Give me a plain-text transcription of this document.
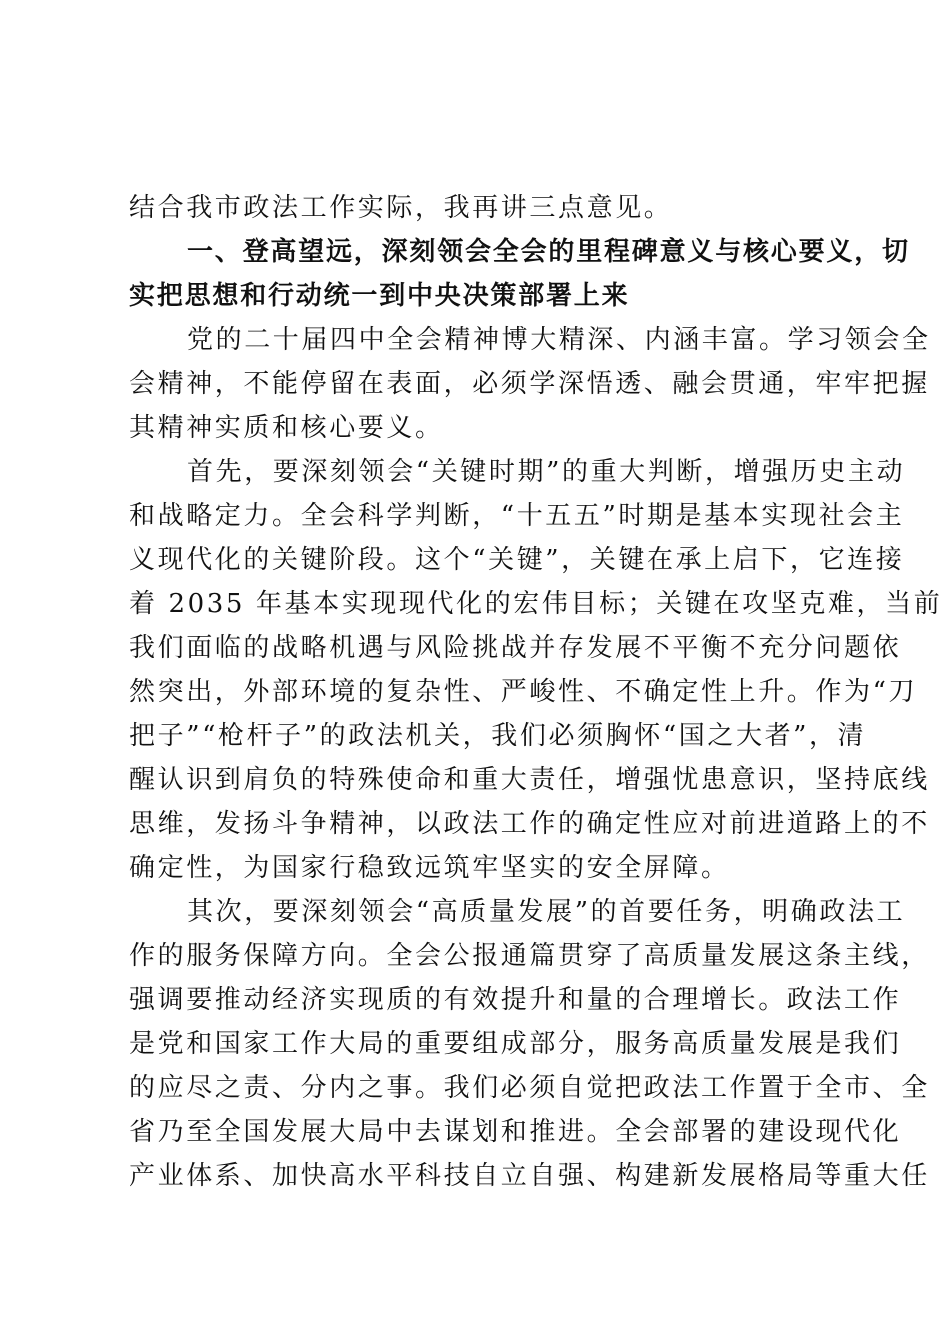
结合我市政法工作实际，我再讲三点意见。
一、登高望远，深刻领会全会的里程碑意义与核心要义，切
实把思想和行动统一到中央决策部署上来
党的二十届四中全会精神博大精深、内涵丰富。学习领会全
会精神，不能停留在表面，必须学深悟透、融会贯通，牢牢把握
其精神实质和核心要义。
首先，要深刻领会“关键时期”的重大判断，增强历史主动
和战略定力。全会科学判断，“十五五”时期是基本实现社会主
义现代化的关键阶段。这个“关键”，关键在承上启下，它连接
着 2035 年基本实现现代化的宏伟目标；关键在攻坚克难，当前
我们面临的战略机遇与风险挑战并存发展不平衡不充分问题依
然突出，外部环境的复杂性、严峻性、不确定性上升。作为“刀
把子”“枪杆子”的政法机关，我们必须胸怀“国之大者”，清
醒认识到肩负的特殊使命和重大责任，增强忧患意识，坚持底线
思维，发扬斗争精神，以政法工作的确定性应对前进道路上的不
确定性，为国家行稳致远筑牢坚实的安全屏障。
其次，要深刻领会“高质量发展”的首要任务，明确政法工
作的服务保障方向。全会公报通篇贯穿了高质量发展这条主线，
强调要推动经济实现质的有效提升和量的合理增长。政法工作
是党和国家工作大局的重要组成部分，服务高质量发展是我们
的应尽之责、分内之事。我们必须自觉把政法工作置于全市、全
省乃至全国发展大局中去谋划和推进。全会部署的建设现代化
产业体系、加快高水平科技自立自强、构建新发展格局等重大任
